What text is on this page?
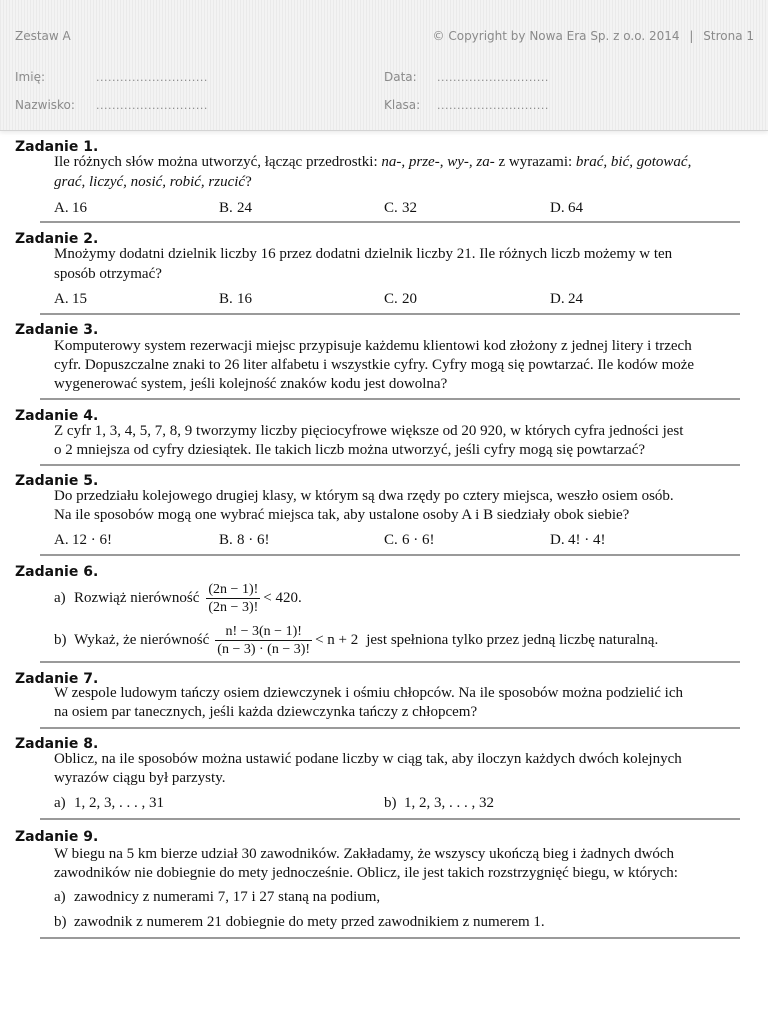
Zestaw A	© Copyright by Nowa Era Sp. z o.o. 2014 | Strona 1
Imię:	............................	Data: ............................
Nazwisko: ............................	Klasa: ............................
Zadanie 1.
Ile różnych słów można utworzyć, łącząc przedrostki: na-, prze-, wy-, za- z wyrazami: brać, bić, gotować,
grać, liczyć, nosić, robić, rzucić?
A. 16	B. 24	C. 32	D. 64
Zadanie 2.
Mnożymy dodatni dzielnik liczby 16 przez dodatni dzielnik liczby 21. Ile różnych liczb możemy w ten
sposób otrzymać?
A. 15	B. 16	C. 20	D. 24
Zadanie 3.
Komputerowy system rezerwacji miejsc przypisuje każdemu klientowi kod złożony z jednej litery i trzech
cyfr. Dopuszczalne znaki to 26 liter alfabetu i wszystkie cyfry. Cyfry mogą się powtarzać. Ile kodów może
wygenerować system, jeśli kolejność znaków kodu jest dowolna?
Zadanie 4.
Z cyfr 1, 3, 4, 5, 7, 8, 9 tworzymy liczby pięciocyfrowe większe od 20 920, w których cyfra jedności jest
o 2 mniejsza od cyfry dziesiątek. Ile takich liczb można utworzyć, jeśli cyfry mogą się powtarzać?
Zadanie 5.
Do przedziału kolejowego drugiej klasy, w którym są dwa rzędy po cztery miejsca, weszło osiem osób.
Na ile sposobów mogą one wybrać miejsca tak, aby ustalone osoby A i B siedziały obok siebie?
A. 12 · 6!	B. 8 · 6!	C. 6 · 6!	D. 4! · 4!
Zadanie 6.
a) Rozwiąż nierówność $\frac{(2n - 1)!}{(2n - 3)!} < 420$.
b) Wykaż, że nierówność $\frac{n! - 3(n - 1)!}{(n - 3) \cdot (n - 3)!} < n + 2$ jest spełniona tylko przez jedną liczbę naturalną.
Zadanie 7.
W zespole ludowym tańczy osiem dziewczynek i ośmiu chłopców. Na ile sposobów można podzielić ich
na osiem par tanecznych, jeśli każda dziewczynka tańczy z chłopcem?
Zadanie 8.
Oblicz, na ile sposobów można ustawić podane liczby w ciąg tak, aby iloczyn każdych dwóch kolejnych
wyrazów ciągu był parzysty.
a) 1, 2, 3, . . . , 31	b) 1, 2, 3, . . . , 32
Zadanie 9.
W biegu na 5 km bierze udział 30 zawodników. Zakładamy, że wszyscy ukończą bieg i żadnych dwóch
zawodników nie dobiegnie do mety jednocześnie. Oblicz, ile jest takich rozstrzygnięć biegu, w których:
a) zawodnicy z numerami 7, 17 i 27 staną na podium,
b) zawodnik z numerem 21 dobiegnie do mety przed zawodnikiem z numerem 1.
